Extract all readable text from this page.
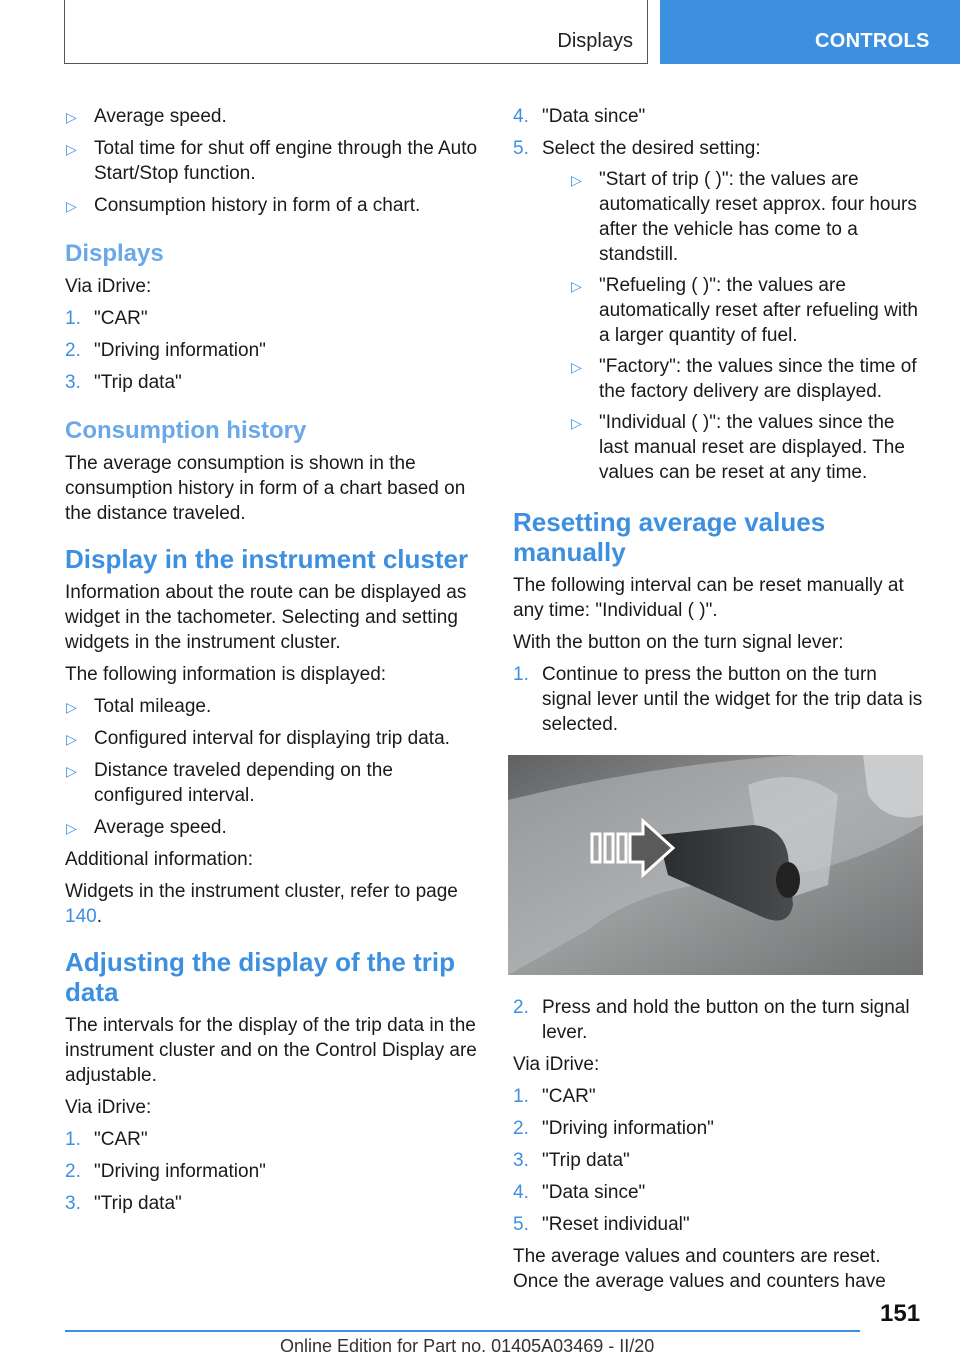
Displays	CONTROLS
▷ Average speed.
▷ Total time for shut off engine through the Auto Start/Stop function.
▷ Consumption history in form of a chart.
Displays

Via iDrive:

1. "CAR"
2. "Driving information"
3. "Trip data"
Consumption history

The average consumption is shown in the consumption history in form of a chart based on the distance traveled.

Display in the instrument cluster

Information about the route can be displayed as widget in the tachometer. Selecting and setting widgets in the instrument cluster.

The following information is displayed:

▷ Total mileage.
▷ Configured interval for displaying trip data.
▷ Distance traveled depending on the configured interval.
▷ Average speed.

Additional information:

Widgets in the instrument cluster, refer to page 140.

Adjusting the display of the trip data

The intervals for the display of the trip data in the instrument cluster and on the Control Display are adjustable.

Via iDrive:

1. "CAR"
2. "Driving information"
3. "Trip data"
4. "Data since"
5. Select the desired setting:
▷ "Start of trip ( )": the values are automatically reset approx. four hours after the vehicle has come to a standstill.
▷ "Refueling ( )": the values are automatically reset after refueling with a larger quantity of fuel.
▷ "Factory": the values since the time of the factory delivery are displayed.
▷ "Individual ( )": the values since the last manual reset are displayed. The values can be reset at any time.
Resetting average values manually

The following interval can be reset manually at any time: "Individual ( )".

With the button on the turn signal lever:

1. Continue to press the button on the turn signal lever until the widget for the trip data is selected.
2. Press and hold the button on the turn signal lever.

Via iDrive:

1. "CAR"
2. "Driving information"
3. "Trip data"
4. "Data since"
5. "Reset individual"

The average values and counters are reset. Once the average values and counters have

151
Online Edition for Part no. 01405A03469 - II/20
